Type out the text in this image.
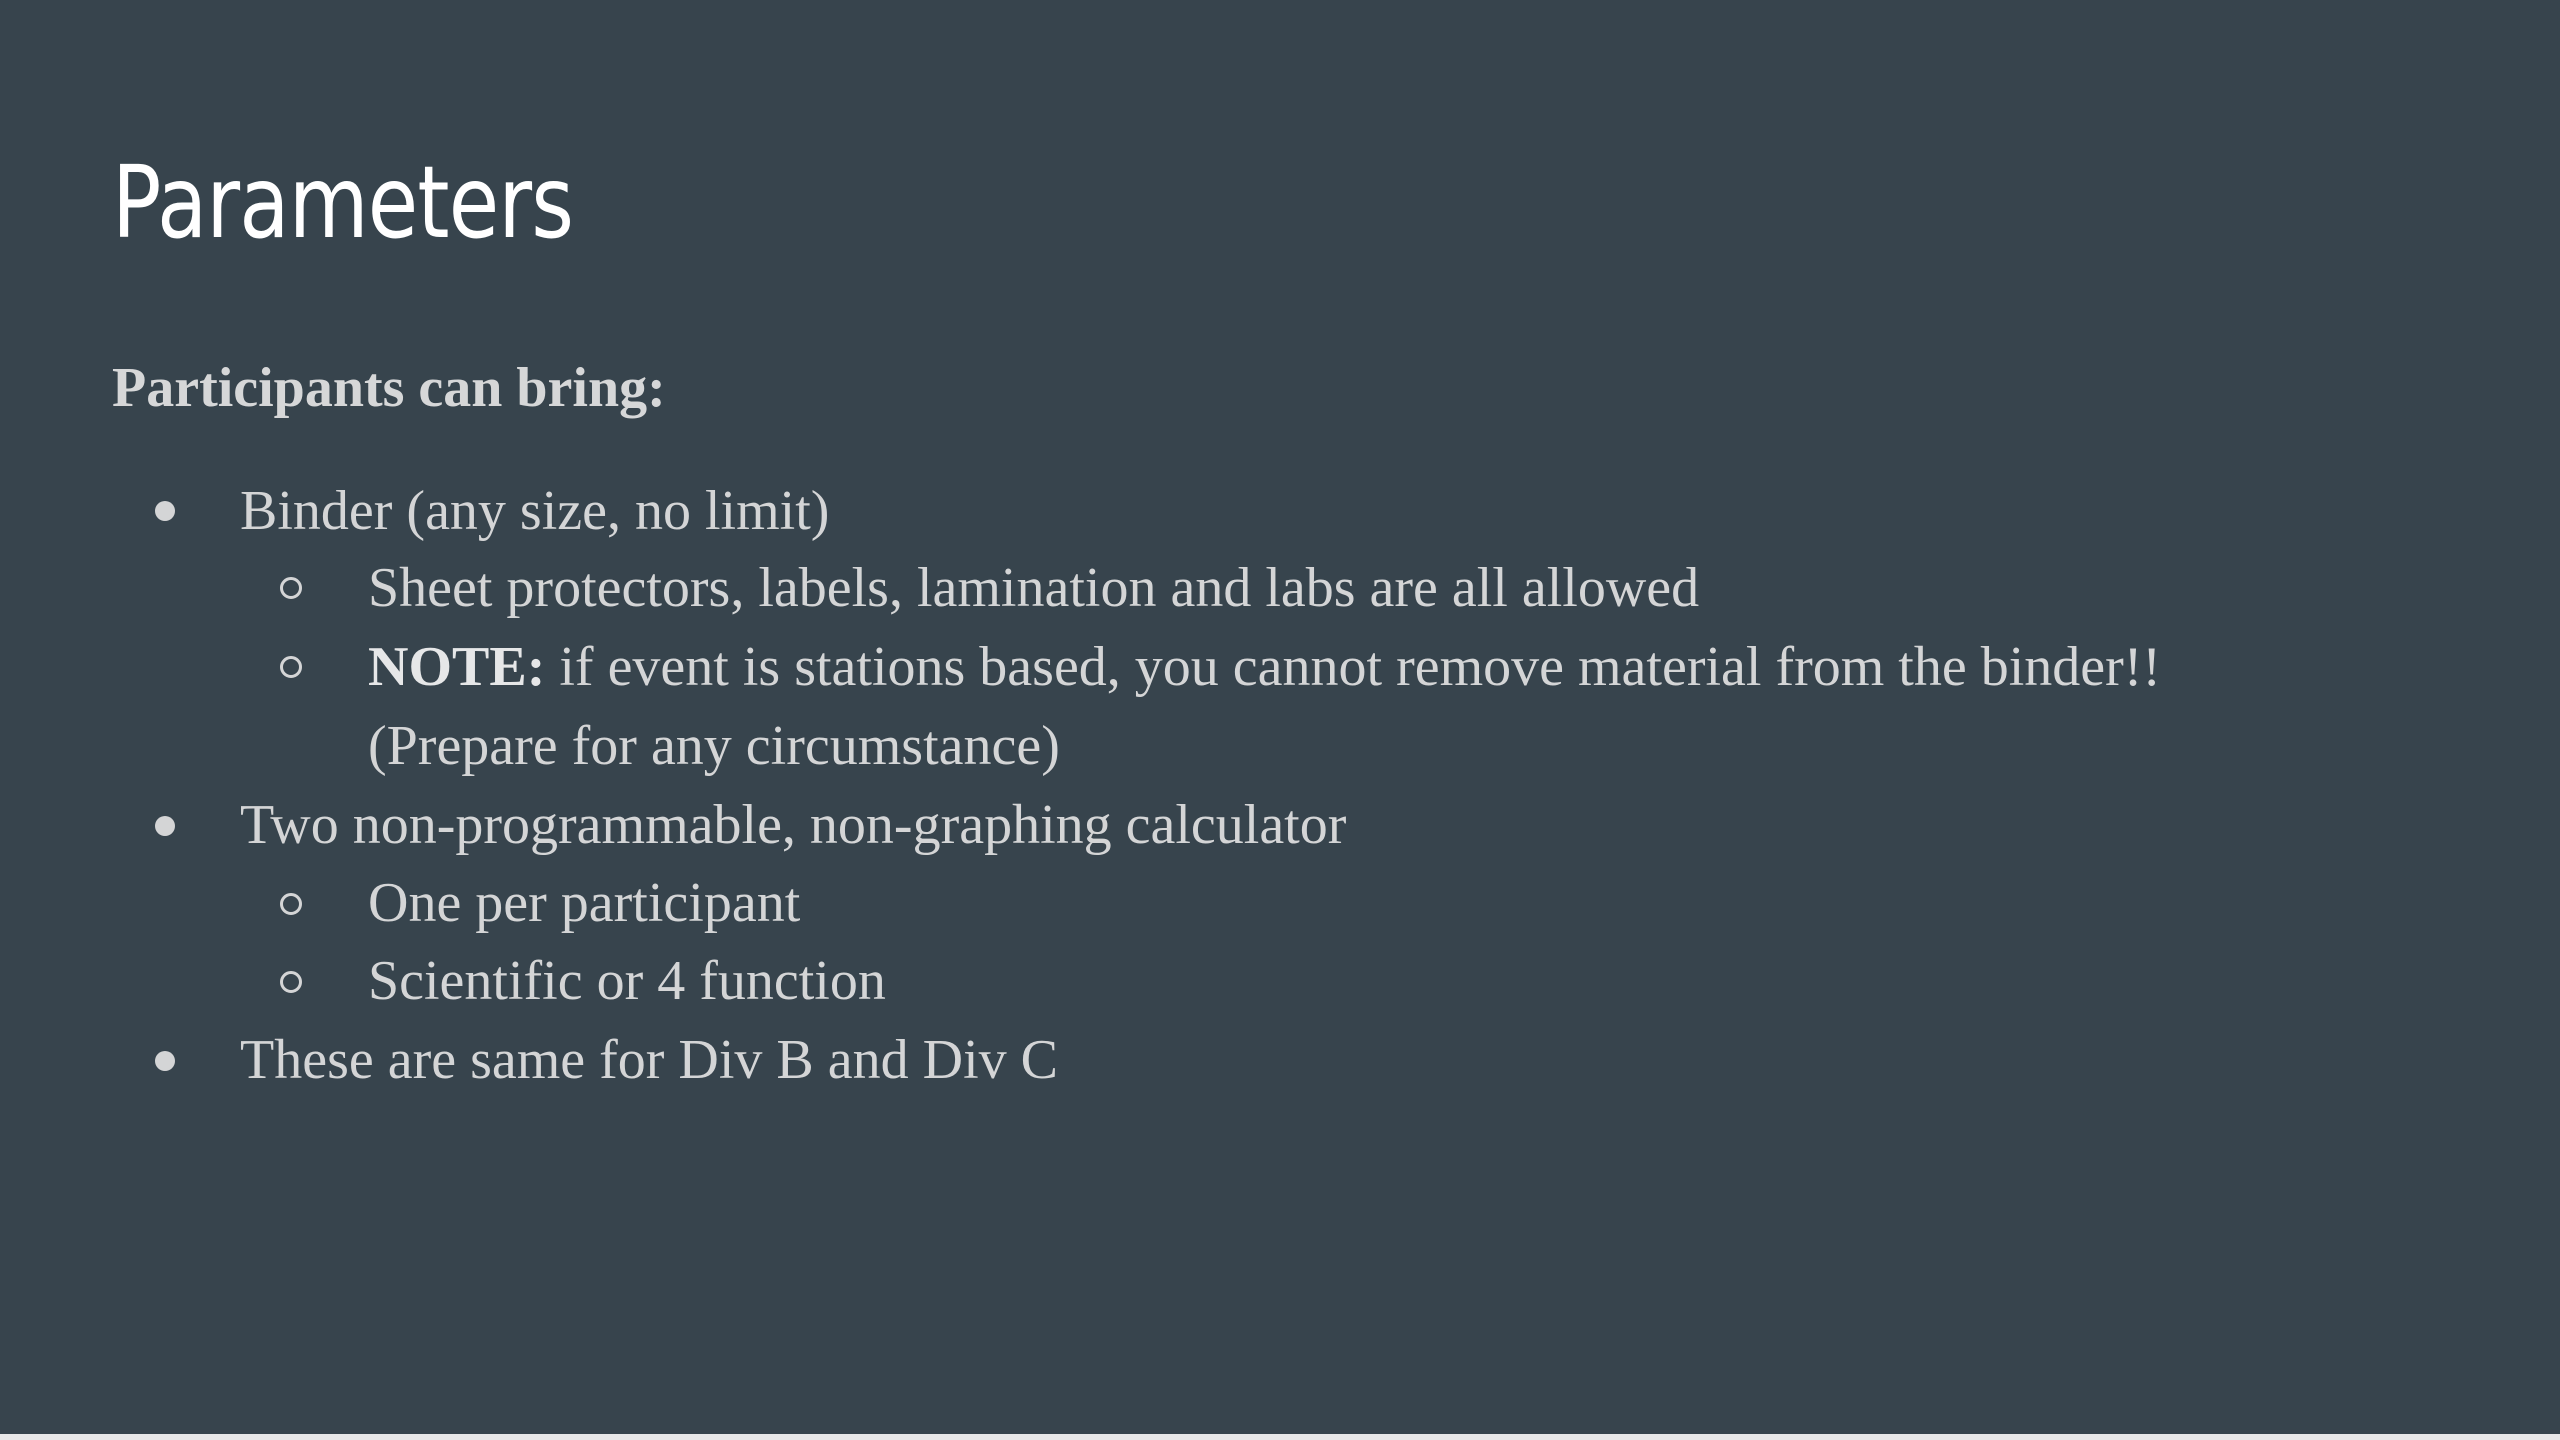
Parameters
Participants can bring:
Binder (any size, no limit)
Sheet protectors, labels, lamination and labs are all allowed
NOTE: if event is stations based, you cannot remove material from the binder!!
(Prepare for any circumstance)
Two non-programmable, non-graphing calculator
One per participant
Scientific or 4 function
These are same for Div B and Div C
